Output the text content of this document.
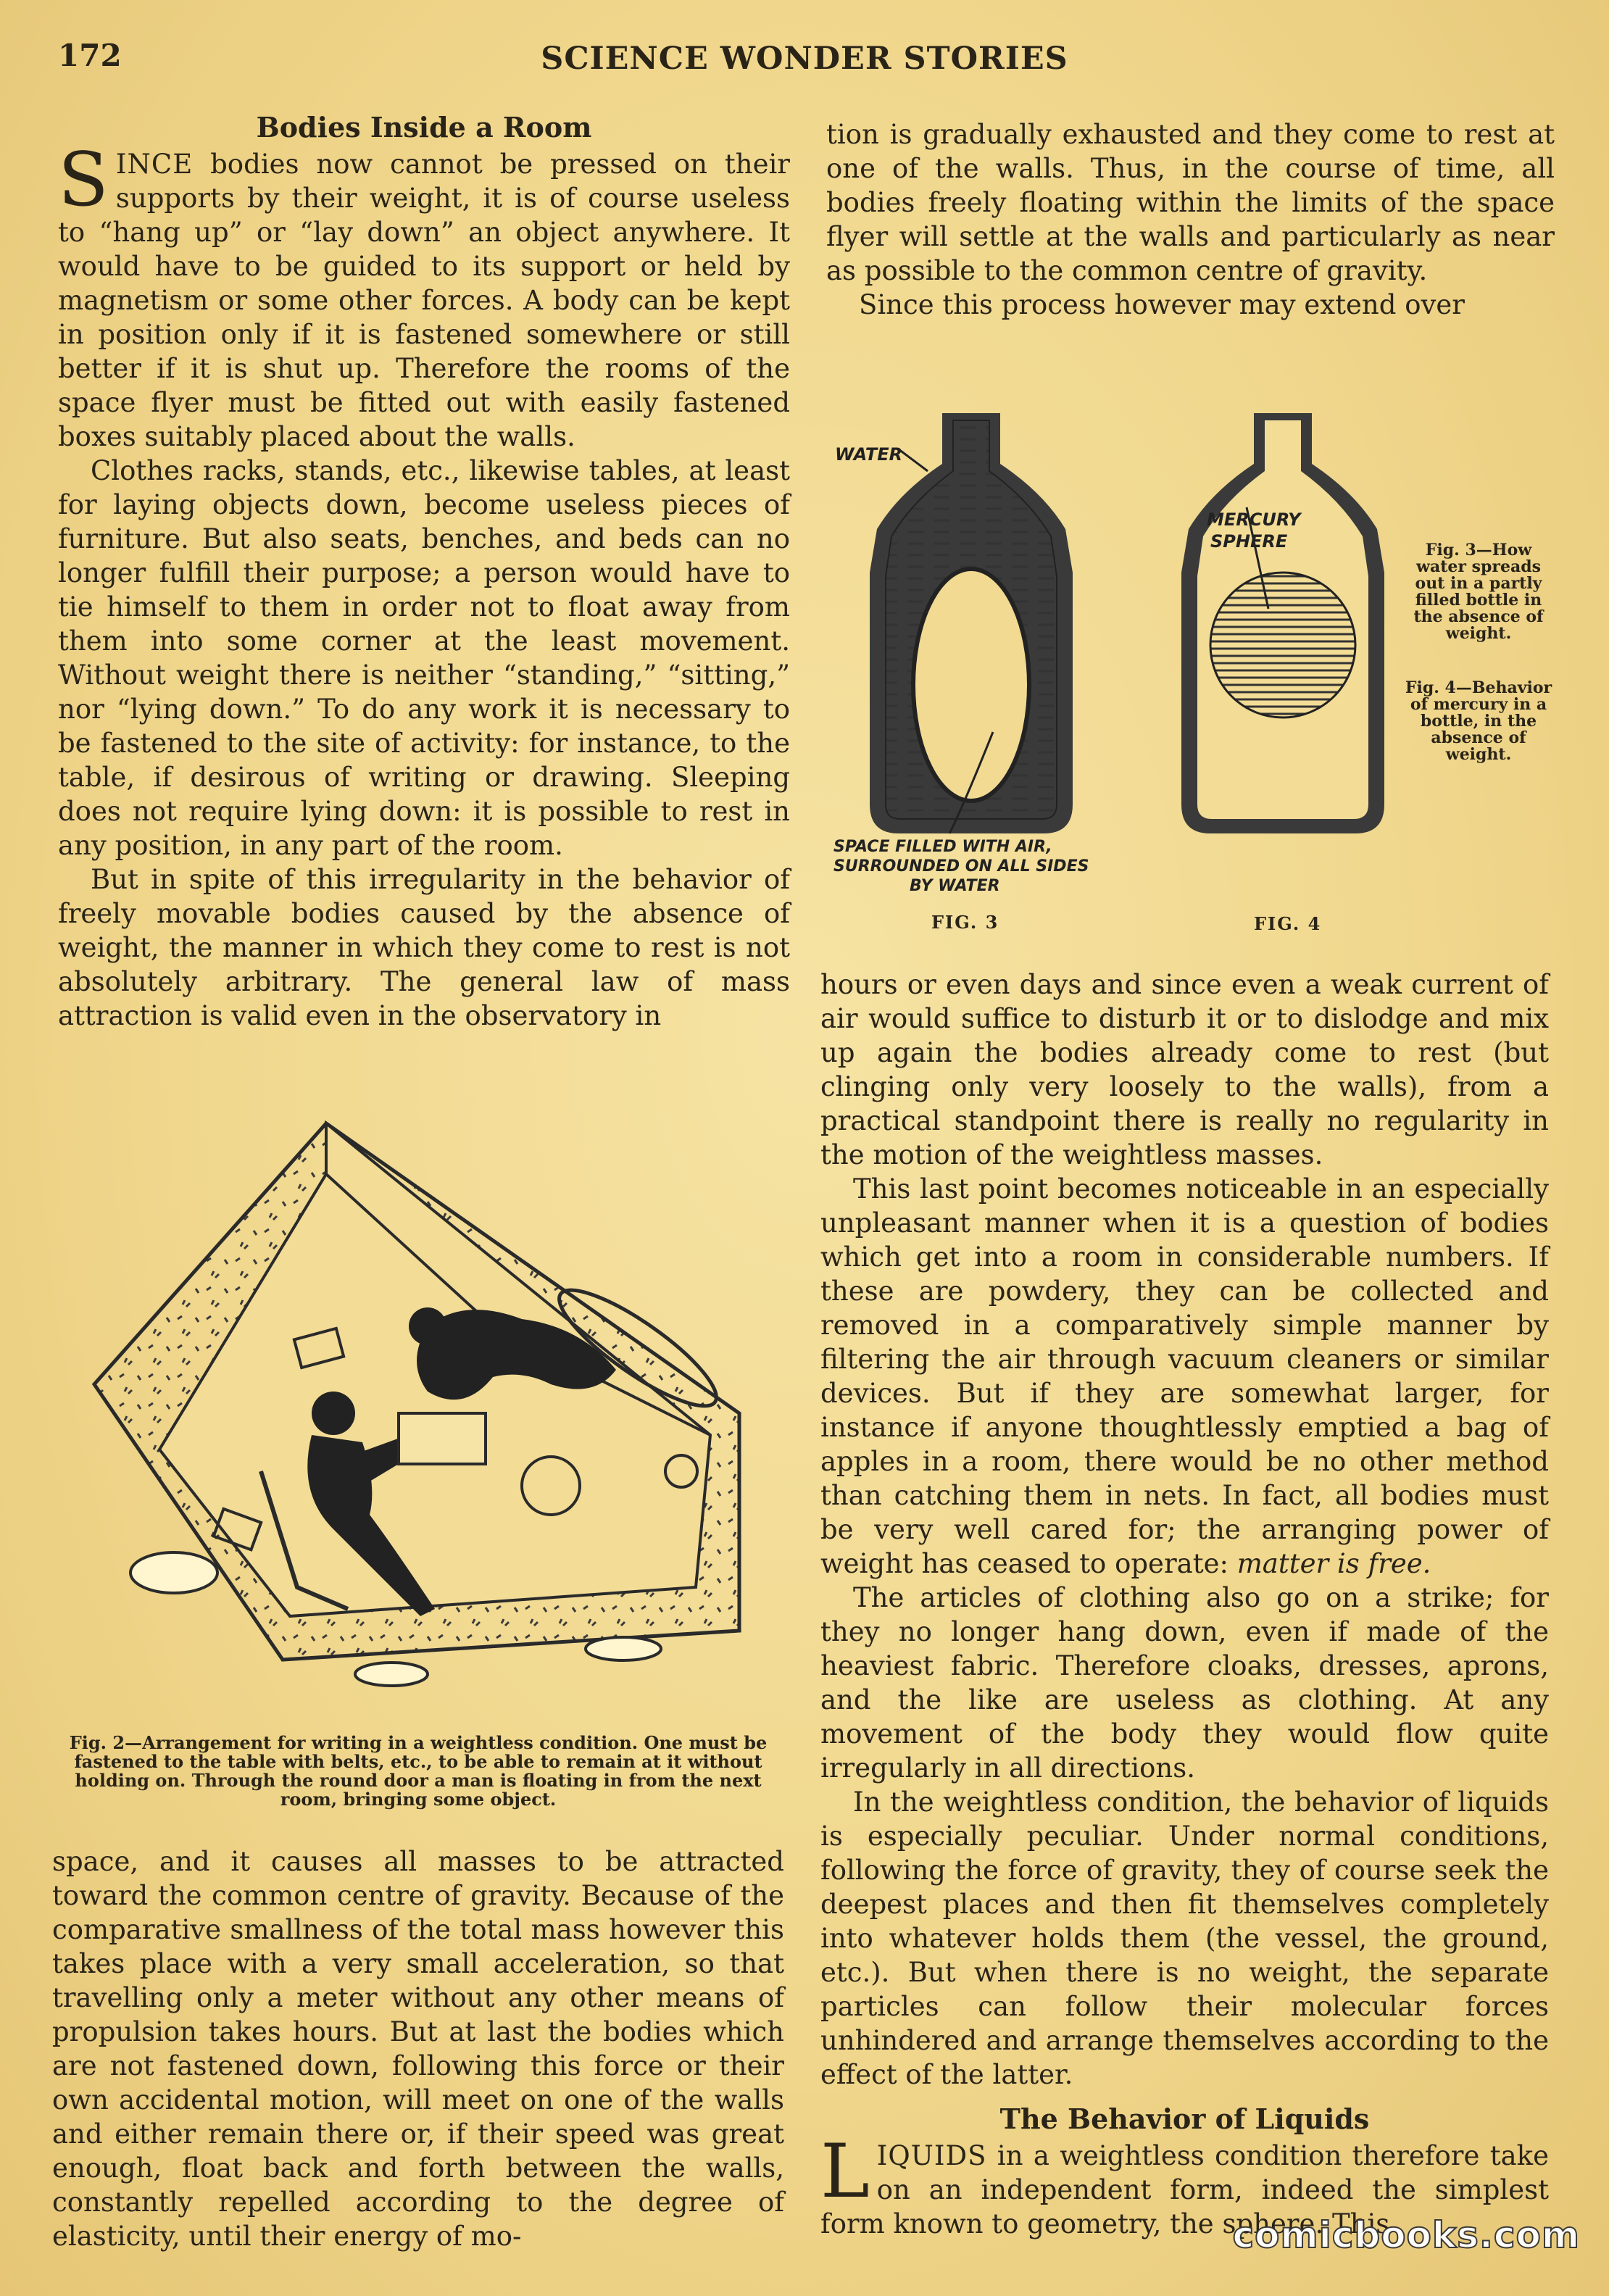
172	SCIENCE WONDER STORIES
Bodies Inside a Room

SINCE bodies now cannot be pressed on their supports by their weight, it is of course useless to “hang up” or “lay down” an object anywhere. It would have to be guided to its support or held by magnetism or some other forces. A body can be kept in position only if it is fastened somewhere or still better if it is shut up. Therefore the rooms of the space flyer must be fitted out with easily fastened boxes suitably placed about the walls.

Clothes racks, stands, etc., likewise tables, at least for laying objects down, become useless pieces of furniture. But also seats, benches, and beds can no longer fulfill their purpose; a person would have to tie himself to them in order not to float away from them into some corner at the least movement. Without weight there is neither “standing,” “sitting,” nor “lying down.” To do any work it is necessary to be fastened to the site of activity: for instance, to the table, if desirous of writing or drawing. Sleeping does not require lying down: it is possible to rest in any position, in any part of the room.

But in spite of this irregularity in the behavior of freely movable bodies caused by the absence of weight, the manner in which they come to rest is not absolutely arbitrary. The general law of mass attraction is valid even in the observatory in

Fig. 2—Arrangement for writing in a weightless condition. One must be fastened to the table with belts, etc., to be able to remain at it without holding on. Through the round door a man is floating in from the next room, bringing some object.

space, and it causes all masses to be attracted toward the common centre of gravity. Because of the comparative smallness of the total mass however this takes place with a very small acceleration, so that travelling only a meter without any other means of propulsion takes hours. But at last the bodies which are not fastened down, following this force or their own accidental motion, will meet on one of the walls and either remain there or, if their speed was great enough, float back and forth between the walls, constantly repelled according to the degree of elasticity, until their energy of mo-

tion is gradually exhausted and they come to rest at one of the walls. Thus, in the course of time, all bodies freely floating within the limits of the space flyer will settle at the walls and particularly as near as possible to the common centre of gravity.

Since this process however may extend over

WATER
MERCURY
SPHERE
SPACE FILLED WITH AIR,
SURROUNDED ON ALL SIDES
BY WATER
FIG. 3	FIG. 4
Fig. 3—How water spreads out in a partly filled bottle in the absence of weight.
Fig. 4—Behavior of mercury in a bottle, in the absence of weight.

hours or even days and since even a weak current of air would suffice to disturb it or to dislodge and mix up again the bodies already come to rest (but clinging only very loosely to the walls), from a practical standpoint there is really no regularity in the motion of the weightless masses.

This last point becomes noticeable in an especially unpleasant manner when it is a question of bodies which get into a room in considerable numbers. If these are powdery, they can be collected and removed in a comparatively simple manner by filtering the air through vacuum cleaners or similar devices. But if they are somewhat larger, for instance if anyone thoughtlessly emptied a bag of apples in a room, there would be no other method than catching them in nets. In fact, all bodies must be very well cared for; the arranging power of weight has ceased to operate: matter is free.

The articles of clothing also go on a strike; for they no longer hang down, even if made of the heaviest fabric. Therefore cloaks, dresses, aprons, and the like are useless as clothing. At any movement of the body they would flow quite irregularly in all directions.

In the weightless condition, the behavior of liquids is especially peculiar. Under normal conditions, following the force of gravity, they of course seek the deepest places and then fit themselves completely into whatever holds them (the vessel, the ground, etc.). But when there is no weight, the separate particles can follow their molecular forces unhindered and arrange themselves according to the effect of the latter.

The Behavior of Liquids

LIQUIDS in a weightless condition therefore take on an independent form, indeed the simplest form known to geometry, the sphere. This

comicbooks.com
